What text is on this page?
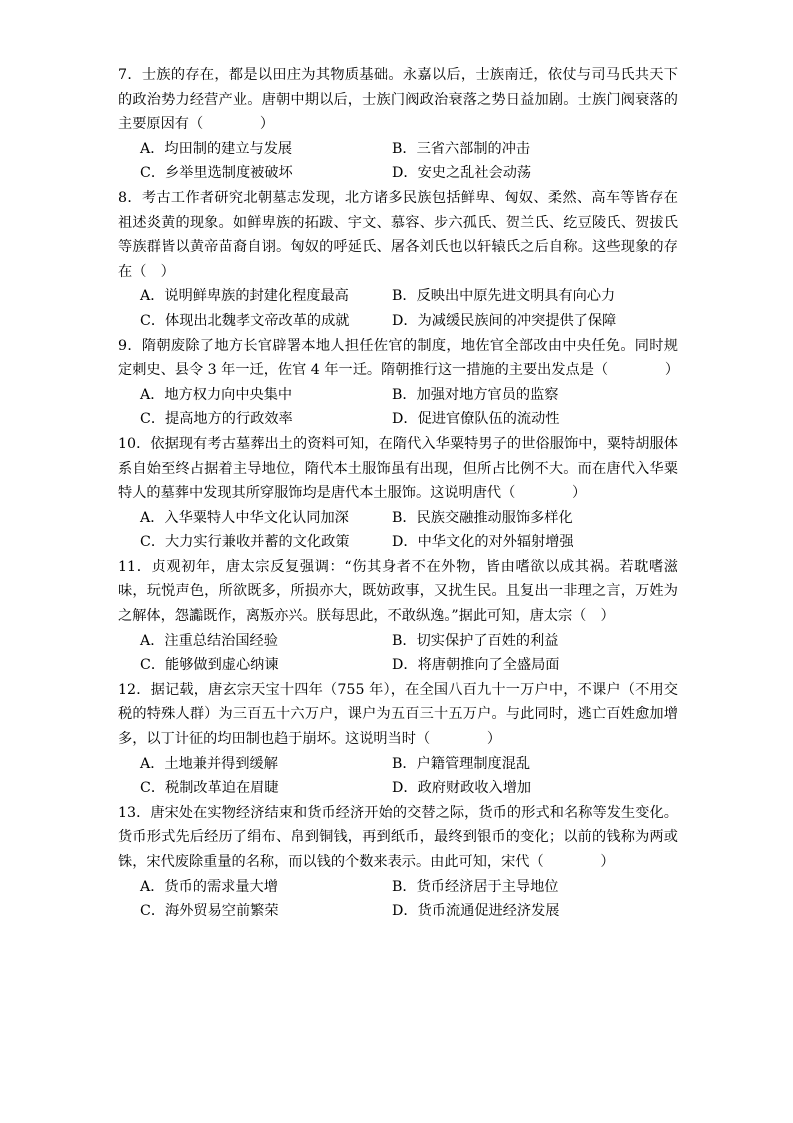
7．士族的存在，都是以田庄为其物质基础。永嘉以后，士族南迁，依仗与司马氏共天下的政治势力经营产业。唐朝中期以后，士族门阀政治衰落之势日益加剧。士族门阀衰落的主要原因有（　　　　）

A．均田制的建立与发展	B．三省六部制的冲击
C．乡举里选制度被破坏	D．安史之乱社会动荡

8．考古工作者研究北朝墓志发现，北方诸多民族包括鲜卑、匈奴、柔然、高车等皆存在祖述炎黄的现象。如鲜卑族的拓跋、宇文、慕容、步六孤氏、贺兰氏、纥豆陵氏、贺拔氏等族群皆以黄帝苗裔自诩。匈奴的呼延氏、屠各刘氏也以轩辕氏之后自称。这些现象的存在（　）

A．说明鲜卑族的封建化程度最高	B．反映出中原先进文明具有向心力
C．体现出北魏孝文帝改革的成就	D．为减缓民族间的冲突提供了保障

9．隋朝废除了地方长官辟署本地人担任佐官的制度，地佐官全部改由中央任免。同时规定刺史、县令 3 年一迁，佐官 4 年一迁。隋朝推行这一措施的主要出发点是（　　　　）

A．地方权力向中央集中	B．加强对地方官员的监察
C．提高地方的行政效率	D．促进官僚队伍的流动性

10．依据现有考古墓葬出土的资料可知，在隋代入华粟特男子的世俗服饰中，粟特胡服体系自始至终占据着主导地位，隋代本土服饰虽有出现，但所占比例不大。而在唐代入华粟特人的墓葬中发现其所穿服饰均是唐代本土服饰。这说明唐代（　　　　）

A．入华粟特人中华文化认同加深	B．民族交融推动服饰多样化
C．大力实行兼收并蓄的文化政策	D．中华文化的对外辐射增强

11．贞观初年，唐太宗反复强调：“伤其身者不在外物，皆由嗜欲以成其祸。若耽嗜滋味，玩悦声色，所欲既多，所损亦大，既妨政事，又扰生民。且复出一非理之言，万姓为之解体，怨讟既作，离叛亦兴。朕每思此，不敢纵逸。”据此可知，唐太宗（　）

A．注重总结治国经验	B．切实保护了百姓的利益
C．能够做到虚心纳谏	D．将唐朝推向了全盛局面

12．据记载，唐玄宗天宝十四年（755 年），在全国八百九十一万户中，不课户（不用交税的特殊人群）为三百五十六万户，课户为五百三十五万户。与此同时，逃亡百姓愈加增多，以丁计征的均田制也趋于崩坏。这说明当时（　　　　）

A．土地兼并得到缓解	B．户籍管理制度混乱
C．税制改革迫在眉睫	D．政府财政收入增加

13．唐宋处在实物经济结束和货币经济开始的交替之际，货币的形式和名称等发生变化。货币形式先后经历了绢布、帛到铜钱，再到纸币，最终到银币的变化；以前的钱称为两或铢，宋代废除重量的名称，而以钱的个数来表示。由此可知，宋代（　　　　）

A．货币的需求量大增	B．货币经济居于主导地位
C．海外贸易空前繁荣	D．货币流通促进经济发展
